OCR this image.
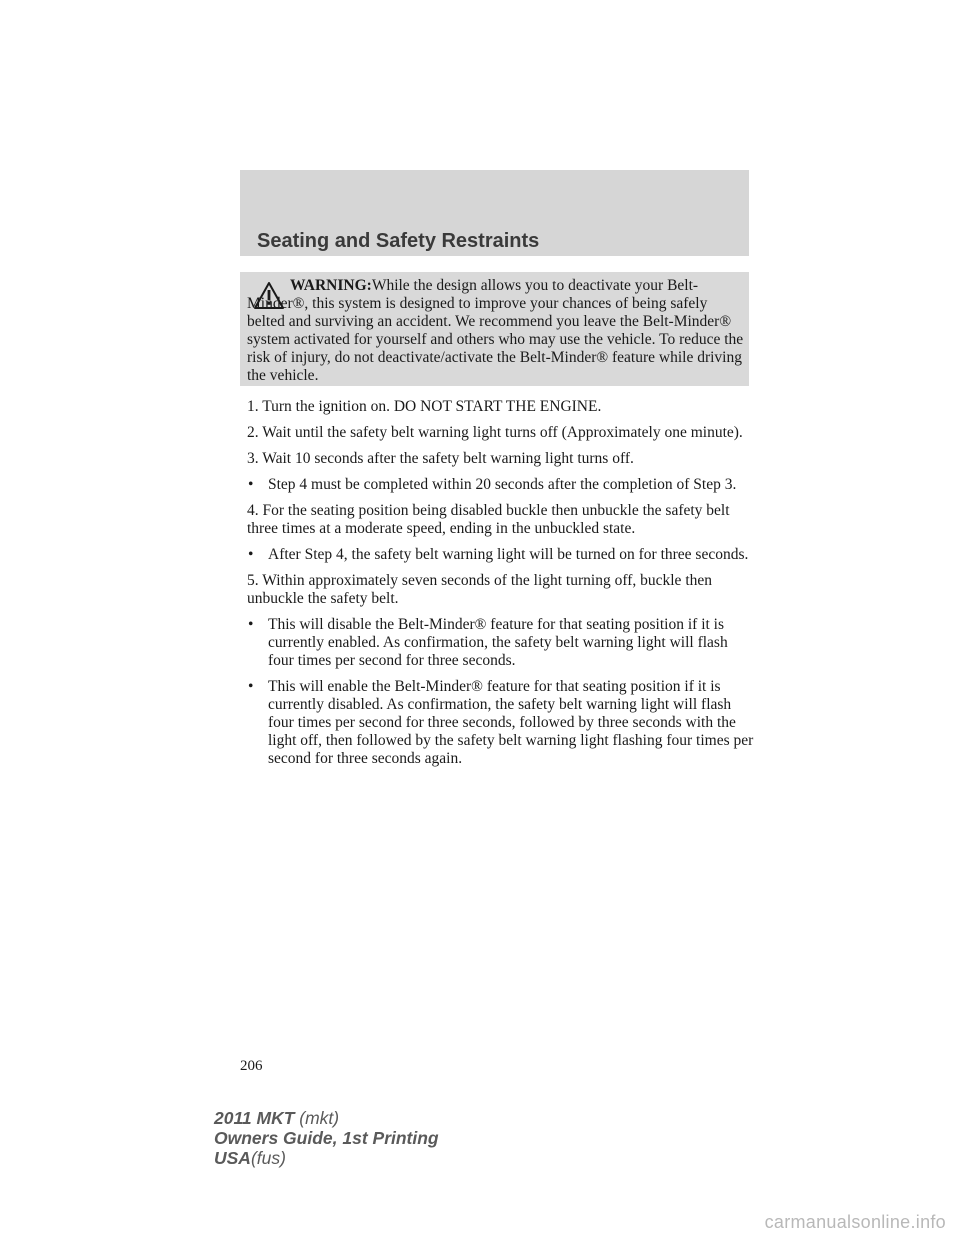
Seating and Safety Restraints

WARNING:While the design allows you to deactivate your Belt-Minder®, this system is designed to improve your chances of being safely belted and surviving an accident. We recommend you leave the Belt-Minder® system activated for yourself and others who may use the vehicle. To reduce the risk of injury, do not deactivate/activate the Belt-Minder® feature while driving the vehicle.

1. Turn the ignition on. DO NOT START THE ENGINE.

2. Wait until the safety belt warning light turns off (Approximately one minute).

3. Wait 10 seconds after the safety belt warning light turns off.

• Step 4 must be completed within 20 seconds after the completion of Step 3.

4. For the seating position being disabled buckle then unbuckle the safety belt three times at a moderate speed, ending in the unbuckled state.

• After Step 4, the safety belt warning light will be turned on for three seconds.

5. Within approximately seven seconds of the light turning off, buckle then unbuckle the safety belt.

• This will disable the Belt-Minder® feature for that seating position if it is currently enabled. As confirmation, the safety belt warning light will flash four times per second for three seconds.
• This will enable the Belt-Minder® feature for that seating position if it is currently disabled. As confirmation, the safety belt warning light will flash four times per second for three seconds, followed by three seconds with the light off, then followed by the safety belt warning light flashing four times per second for three seconds again.
206
2011 MKT (mkt)
Owners Guide, 1st Printing
USA(fus)
carmanualsonline.info
